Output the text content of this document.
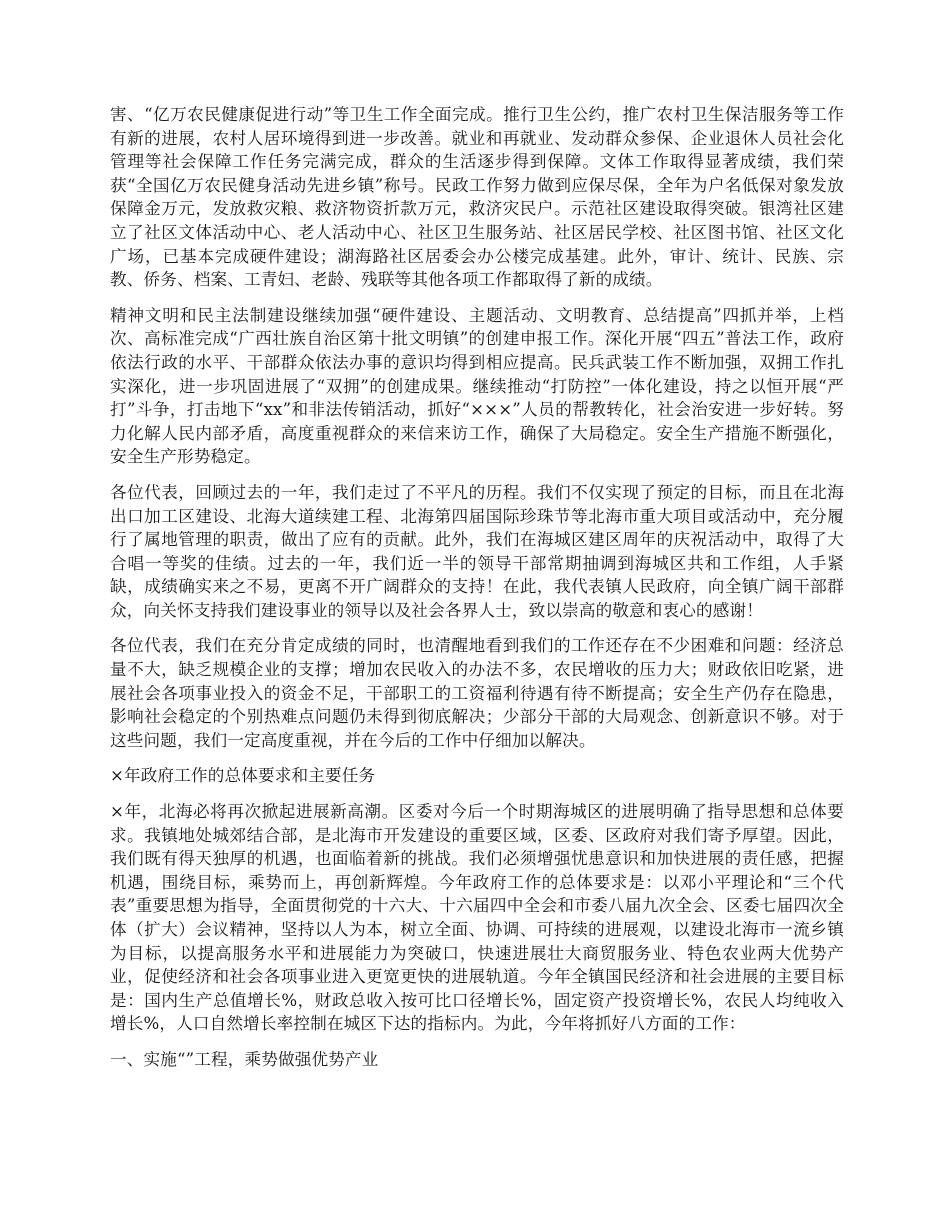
害、“亿万农民健康促进行动”等卫生工作全面完成。推行卫生公约，推广农村卫生保洁服务等工作有新的进展，农村人居环境得到进一步改善。就业和再就业、发动群众参保、企业退休人员社会化管理等社会保障工作任务完满完成，群众的生活逐步得到保障。文体工作取得显著成绩，我们荣获“全国亿万农民健身活动先进乡镇”称号。民政工作努力做到应保尽保，全年为户名低保对象发放保障金万元，发放救灾粮、救济物资折款万元，救济灾民户。示范社区建设取得突破。银湾社区建立了社区文体活动中心、老人活动中心、社区卫生服务站、社区居民学校、社区图书馆、社区文化广场，已基本完成硬件建设；湖海路社区居委会办公楼完成基建。此外，审计、统计、民族、宗教、侨务、档案、工青妇、老龄、残联等其他各项工作都取得了新的成绩。

精神文明和民主法制建设继续加强“硬件建设、主题活动、文明教育、总结提高”四抓并举，上档次、高标准完成“广西壮族自治区第十批文明镇”的创建申报工作。深化开展“四五”普法工作，政府依法行政的水平、干部群众依法办事的意识均得到相应提高。民兵武装工作不断加强，双拥工作扎实深化，进一步巩固进展了“双拥”的创建成果。继续推动“打防控”一体化建设，持之以恒开展“严打”斗争，打击地下“xx”和非法传销活动，抓好“×××”人员的帮教转化，社会治安进一步好转。努力化解人民内部矛盾，高度重视群众的来信来访工作，确保了大局稳定。安全生产措施不断强化，安全生产形势稳定。

各位代表，回顾过去的一年，我们走过了不平凡的历程。我们不仅实现了预定的目标，而且在北海出口加工区建设、北海大道续建工程、北海第四届国际珍珠节等北海市重大项目或活动中，充分履行了属地管理的职责，做出了应有的贡献。此外，我们在海城区建区周年的庆祝活动中，取得了大合唱一等奖的佳绩。过去的一年，我们近一半的领导干部常期抽调到海城区共和工作组，人手紧缺，成绩确实来之不易，更离不开广阔群众的支持！在此，我代表镇人民政府，向全镇广阔干部群众，向关怀支持我们建设事业的领导以及社会各界人士，致以崇高的敬意和衷心的感谢！

各位代表，我们在充分肯定成绩的同时，也清醒地看到我们的工作还存在不少困难和问题：经济总量不大，缺乏规模企业的支撑；增加农民收入的办法不多，农民增收的压力大；财政依旧吃紧，进展社会各项事业投入的资金不足，干部职工的工资福利待遇有待不断提高；安全生产仍存在隐患，影响社会稳定的个别热难点问题仍未得到彻底解决；少部分干部的大局观念、创新意识不够。对于这些问题，我们一定高度重视，并在今后的工作中仔细加以解决。

×年政府工作的总体要求和主要任务

×年，北海必将再次掀起进展新高潮。区委对今后一个时期海城区的进展明确了指导思想和总体要求。我镇地处城郊结合部，是北海市开发建设的重要区域，区委、区政府对我们寄予厚望。因此，我们既有得天独厚的机遇，也面临着新的挑战。我们必须增强忧患意识和加快进展的责任感，把握机遇，围绕目标，乘势而上，再创新辉煌。今年政府工作的总体要求是：以邓小平理论和“三个代表”重要思想为指导，全面贯彻党的十六大、十六届四中全会和市委八届九次全会、区委七届四次全体（扩大）会议精神，坚持以人为本，树立全面、协调、可持续的进展观，以建设北海市一流乡镇为目标，以提高服务水平和进展能力为突破口，快速进展壮大商贸服务业、特色农业两大优势产业，促使经济和社会各项事业进入更宽更快的进展轨道。今年全镇国民经济和社会进展的主要目标是：国内生产总值增长%，财政总收入按可比口径增长%，固定资产投资增长%，农民人均纯收入增长%，人口自然增长率控制在城区下达的指标内。为此，今年将抓好八方面的工作：

一、实施“”工程，乘势做强优势产业
